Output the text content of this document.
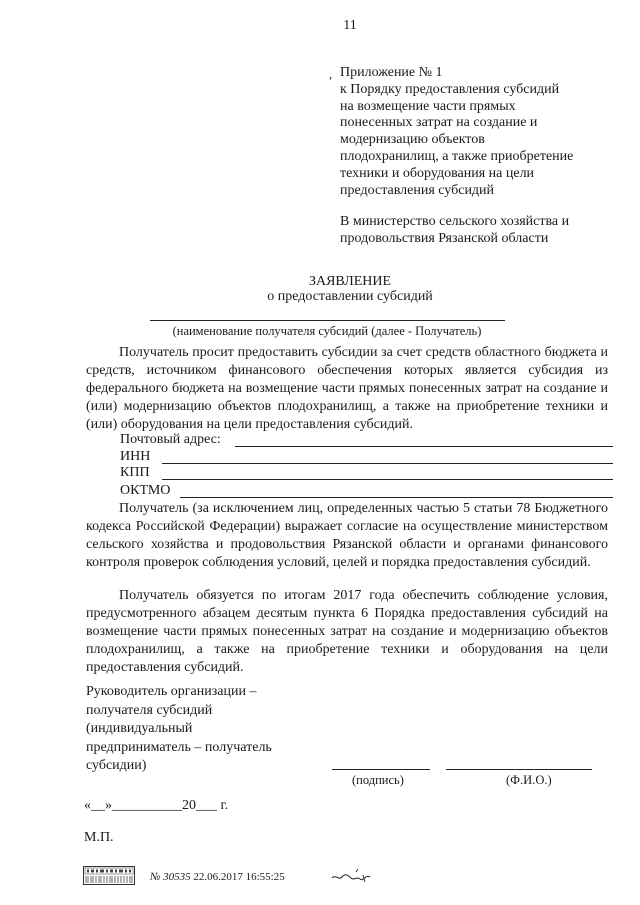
11
, Приложение № 1
к Порядку предоставления субсидий
на возмещение части прямых
понесенных затрат на создание и
модернизацию объектов
плодохранилищ, а также приобретение
техники и оборудования на цели
предоставления субсидий
В министерство сельского хозяйства и
продовольствия Рязанской области
ЗАЯВЛЕНИЕ
о предоставлении субсидий
(наименование получателя субсидий (далее - Получатель)
Получатель просит предоставить субсидии за счет средств областного бюджета и средств, источником финансового обеспечения которых является субсидия из федерального бюджета на возмещение части прямых понесенных затрат на создание и (или) модернизацию объектов плодохранилищ, а также на приобретение техники и (или) оборудования на цели предоставления субсидий.
Почтовый адрес:
ИНН
КПП
ОКТМО
Получатель (за исключением лиц, определенных частью 5 статьи 78 Бюджетного кодекса Российской Федерации) выражает согласие на осуществление министерством сельского хозяйства и продовольствия Рязанской области и органами финансового контроля проверок соблюдения условий, целей и порядка предоставления субсидий.
Получатель обязуется по итогам 2017 года обеспечить соблюдение условия, предусмотренного абзацем десятым пункта 6 Порядка предоставления субсидий на возмещение части прямых понесенных затрат на создание и модернизацию объектов плодохранилищ, а также на приобретение техники и оборудования на цели предоставления субсидий.
Руководитель организации –
получателя субсидий
(индивидуальный
предприниматель – получатель
субсидии)
(подпись)	(Ф.И.О.)
«__»__________20___ г.
М.П.
№ 30535 22.06.2017 16:55:25
